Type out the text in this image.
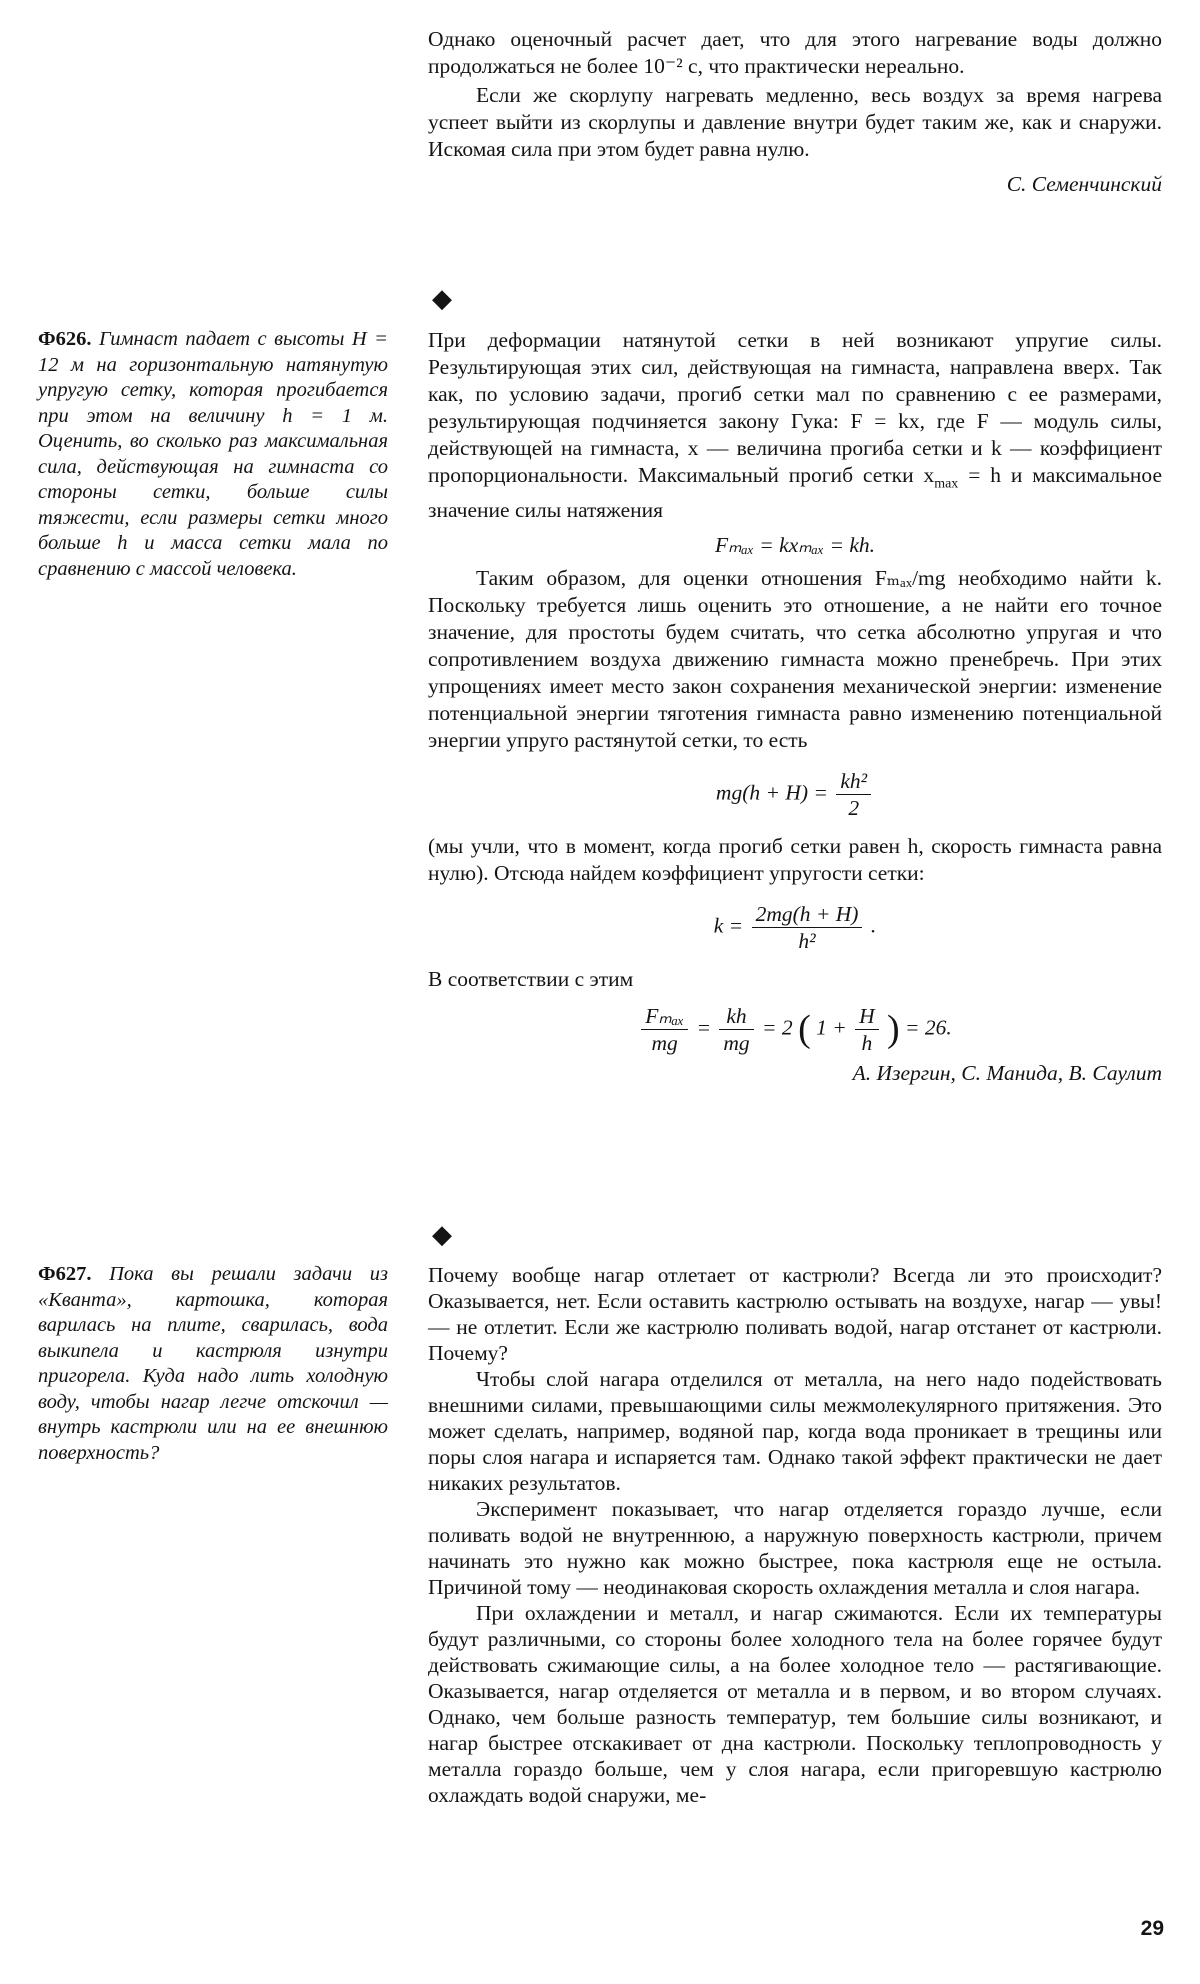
Однако оценочный расчет дает, что для этого нагревание воды должно продолжаться не более 10⁻² с, что практически нереально.

Если же скорлупу нагревать медленно, весь воздух за время нагрева успеет выйти из скорлупы и давление внутри будет таким же, как и снаружи. Искомая сила при этом будет равна нулю.

С. Семенчинский

◆
Ф626. Гимнаст падает с высоты H = 12 м на горизонтальную натянутую упругую сетку, которая прогибается при этом на величину h = 1 м. Оценить, во сколько раз максимальная сила, действующая на гимнаста со стороны сетки, больше силы тяжести, если размеры сетки много больше h и масса сетки мала по сравнению с массой человека.

При деформации натянутой сетки в ней возникают упругие силы. Результирующая этих сил, действующая на гимнаста, направлена вверх. Так как, по условию задачи, прогиб сетки мал по сравнению с ее размерами, результирующая подчиняется закону Гука: F = kx, где F — модуль силы, действующей на гимнаста, x — величина прогиба сетки и k — коэффициент пропорциональности. Максимальный прогиб сетки $x_{max} = h$ и максимальное значение силы натяжения

Fₘₐₓ = kxₘₐₓ = kh.

Таким образом, для оценки отношения Fₘₐₓ/mg необходимо найти k. Поскольку требуется лишь оценить это отношение, а не найти его точное значение, для простоты будем считать, что сетка абсолютно упругая и что сопротивлением воздуха движению гимнаста можно пренебречь. При этих упрощениях имеет место закон сохранения механической энергии: изменение потенциальной энергии тяготения гимнаста равно изменению потенциальной энергии упруго растянутой сетки, то есть

$mg(h + H) = \frac{\text{kh²}}{2}$

(мы учли, что в момент, когда прогиб сетки равен h, скорость гимнаста равна нулю). Отсюда найдем коэффициент упругости сетки:

$k = \frac{2mg(h + H)}{\text{h²}}$ .

В соответствии с этим

$\frac{\text{Fₘₐₓ}}{mg} = \frac{kh}{mg} = 2$ ( $1 + \frac{H}{h}$ ) = 26.

А. Изергин, С. Манида, В. Саулит

◆
Ф627. Пока вы решали задачи из «Кванта», картошка, которая варилась на плите, сварилась, вода выкипела и кастрюля изнутри пригорела. Куда надо лить холодную воду, чтобы нагар легче отскочил — внутрь кастрюли или на ее внешнюю поверхность?

Почему вообще нагар отлетает от кастрюли? Всегда ли это происходит? Оказывается, нет. Если оставить кастрюлю остывать на воздухе, нагар — увы! — не отлетит. Если же кастрюлю поливать водой, нагар отстанет от кастрюли. Почему?

Чтобы слой нагара отделился от металла, на него надо подействовать внешними силами, превышающими силы межмолекулярного притяжения. Это может сделать, например, водяной пар, когда вода проникает в трещины или поры слоя нагара и испаряется там. Однако такой эффект практически не дает никаких результатов.

Эксперимент показывает, что нагар отделяется гораздо лучше, если поливать водой не внутреннюю, а наружную поверхность кастрюли, причем начинать это нужно как можно быстрее, пока кастрюля еще не остыла. Причиной тому — неодинаковая скорость охлаждения металла и слоя нагара.

При охлаждении и металл, и нагар сжимаются. Если их температуры будут различными, со стороны более холодного тела на более горячее будут действовать сжимающие силы, а на более холодное тело — растягивающие. Оказывается, нагар отделяется от металла и в первом, и во втором случаях. Однако, чем больше разность температур, тем большие силы возникают, и нагар быстрее отскакивает от дна кастрюли. Поскольку теплопроводность у металла гораздо больше, чем у слоя нагара, если пригоревшую кастрюлю охлаждать водой снаружи, ме-

29
